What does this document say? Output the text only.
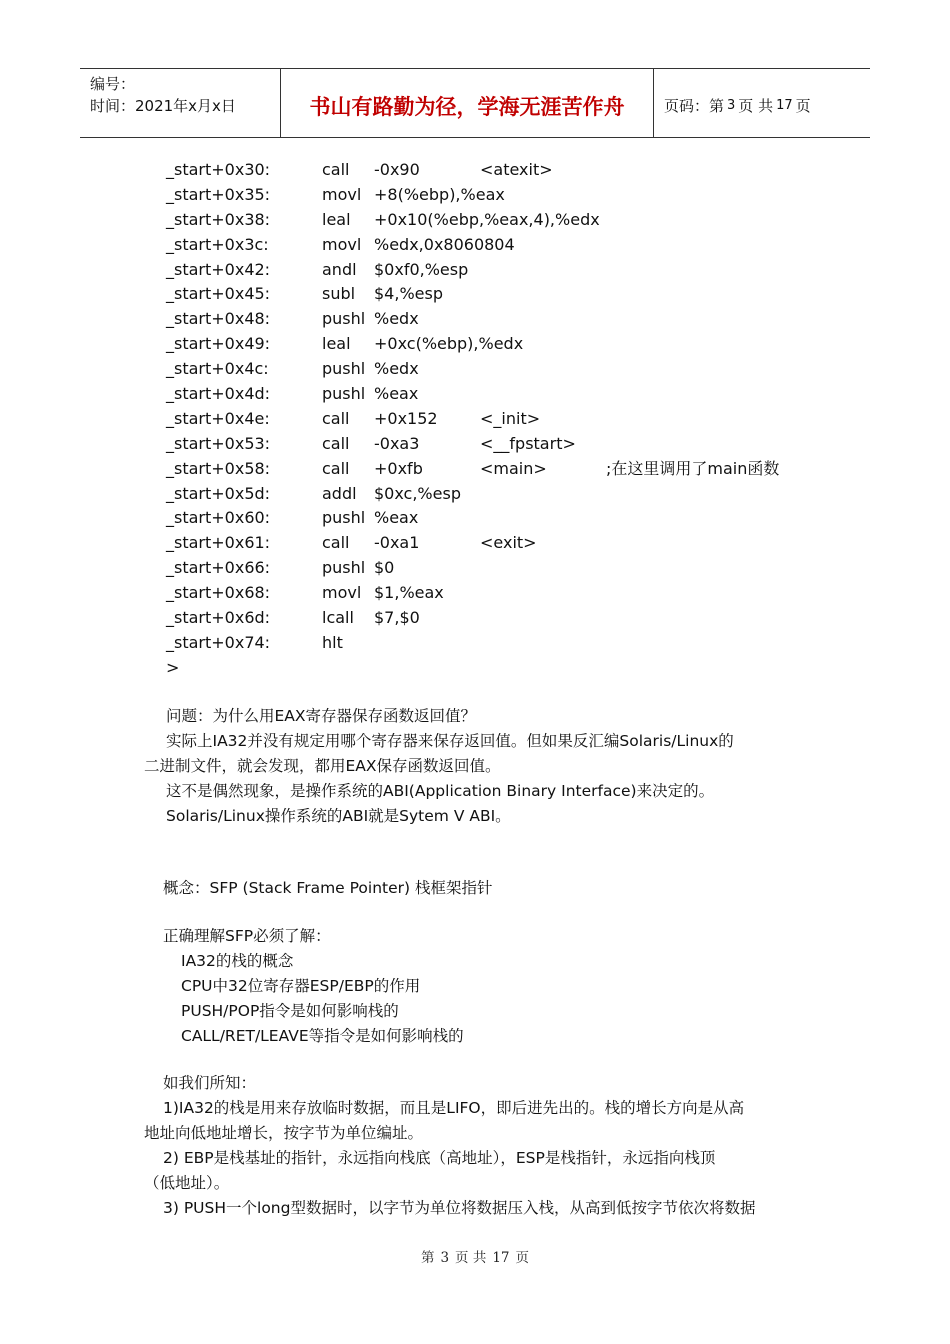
编号：
时间：2021年x月x日	书山有路勤为径，学海无涯苦作舟	页码：第 3 页 共 17 页
_start+0x30:	call -0x90	<atexit>
_start+0x35:	movl +8(%ebp),%eax
_start+0x38:	leal +0x10(%ebp,%eax,4),%edx
_start+0x3c:	movl %edx,0x8060804
_start+0x42:	andl $0xf0,%esp
_start+0x45:	subl $4,%esp
_start+0x48:	pushl %edx
_start+0x49:	leal +0xc(%ebp),%edx
_start+0x4c:	pushl %edx
_start+0x4d:	pushl %eax
_start+0x4e:	call +0x152	<_init>
_start+0x53:	call -0xa3	<__fpstart>
_start+0x58:	call +0xfb	<main>	;在这里调用了main函数
_start+0x5d:	addl $0xc,%esp
_start+0x60:	pushl %eax
_start+0x61:	call -0xa1	<exit>
_start+0x66:	pushl $0
_start+0x68:	movl $1,%eax
_start+0x6d:	lcall $7,$0
_start+0x74:	hlt
>
问题：为什么用EAX寄存器保存函数返回值？
实际上IA32并没有规定用哪个寄存器来保存返回值。但如果反汇编Solaris/Linux的
二进制文件，就会发现，都用EAX保存函数返回值。
这不是偶然现象，是操作系统的ABI(Application Binary Interface)来决定的。
Solaris/Linux操作系统的ABI就是Sytem V ABI。
概念：SFP (Stack Frame Pointer) 栈框架指针
正确理解SFP必须了解：
IA32的栈的概念
CPU中32位寄存器ESP/EBP的作用
PUSH/POP指令是如何影响栈的
CALL/RET/LEAVE等指令是如何影响栈的
如我们所知：
1)IA32的栈是用来存放临时数据，而且是LIFO，即后进先出的。栈的增长方向是从高
地址向低地址增长，按字节为单位编址。
2) EBP是栈基址的指针，永远指向栈底（高地址），ESP是栈指针，永远指向栈顶
（低地址）。
3) PUSH一个long型数据时，以字节为单位将数据压入栈，从高到低按字节依次将数据
第 3 页 共 17 页
